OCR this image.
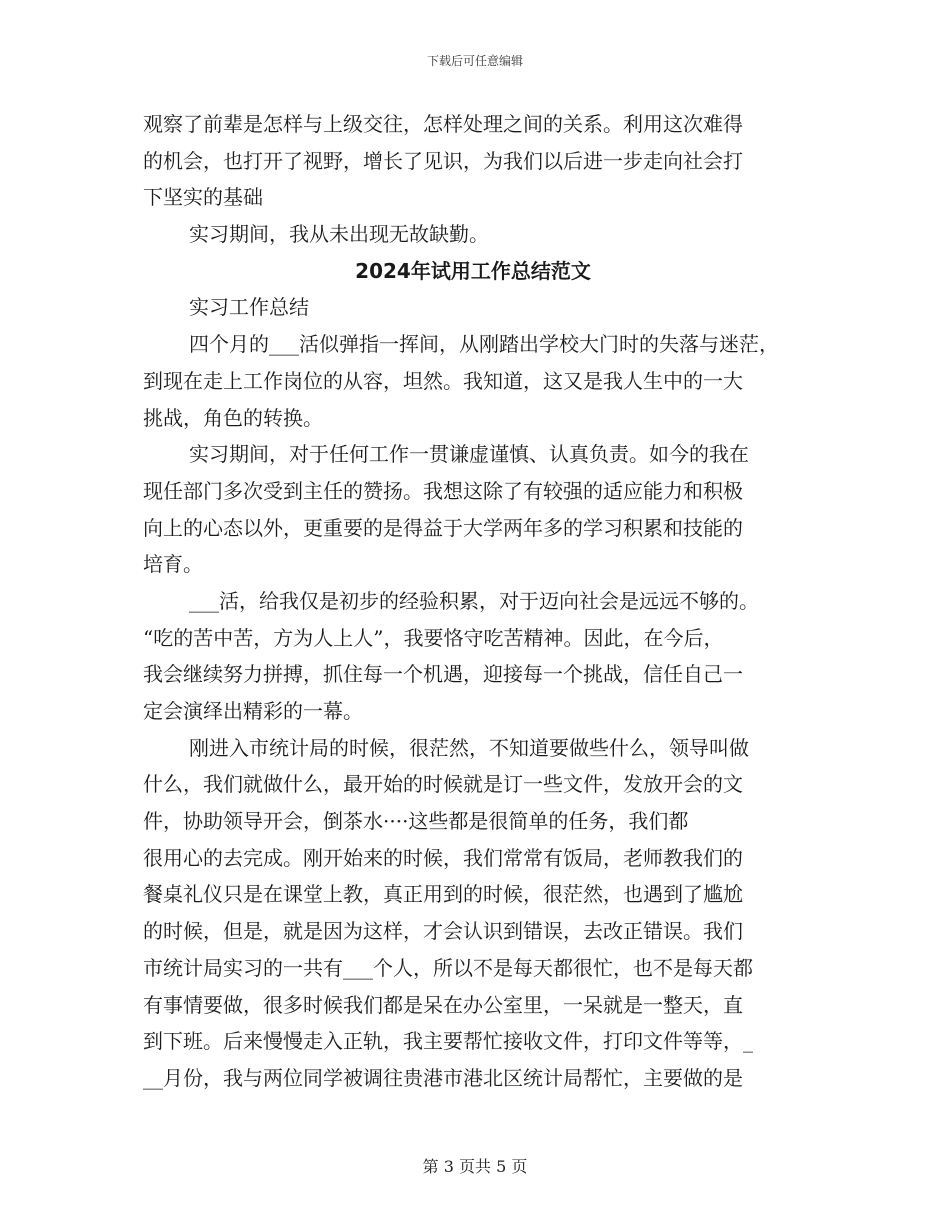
下载后可任意编辑
观察了前辈是怎样与上级交往，怎样处理之间的关系。利用这次难得
的机会，也打开了视野，增长了见识，为我们以后进一步走向社会打
下坚实的基础
实习期间，我从未出现无故缺勤。
2024年试用工作总结范文
实习工作总结
四个月的___活似弹指一挥间，从刚踏出学校大门时的失落与迷茫，
到现在走上工作岗位的从容，坦然。我知道，这又是我人生中的一大
挑战，角色的转换。
实习期间，对于任何工作一贯谦虚谨慎、认真负责。如今的我在
现任部门多次受到主任的赞扬。我想这除了有较强的适应能力和积极
向上的心态以外，更重要的是得益于大学两年多的学习积累和技能的
培育。
___活，给我仅是初步的经验积累，对于迈向社会是远远不够的。
“吃的苦中苦，方为人上人”，我要恪守吃苦精神。因此，在今后，
我会继续努力拼搏，抓住每一个机遇，迎接每一个挑战，信任自己一
定会演绎出精彩的一幕。
刚进入市统计局的时候，很茫然，不知道要做些什么，领导叫做
什么，我们就做什么，最开始的时候就是订一些文件，发放开会的文
件，协助领导开会，倒茶水····这些都是很简单的任务，我们都
很用心的去完成。刚开始来的时候，我们常常有饭局，老师教我们的
餐桌礼仪只是在课堂上教，真正用到的时候，很茫然，也遇到了尴尬
的时候，但是，就是因为这样，才会认识到错误，去改正错误。我们
市统计局实习的一共有___个人，所以不是每天都很忙，也不是每天都
有事情要做，很多时候我们都是呆在办公室里，一呆就是一整天，直
到下班。后来慢慢走入正轨，我主要帮忙接收文件，打印文件等等，_
__月份，我与两位同学被调往贵港市港北区统计局帮忙，主要做的是
第 3 页共 5 页
